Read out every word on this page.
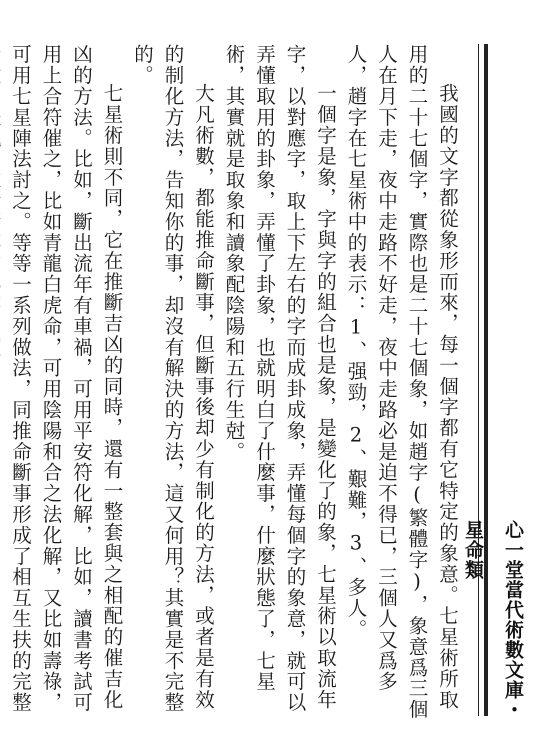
心一堂當代術數文庫・星命類

我國的文字都從象形而來，每一個字都有它特定的象意。七星術所取用的二十七個字，實際也是二十七個象，如趙字(繁體字)，象意爲三個人在月下走，夜中走路不好走，夜中走路必是迫不得已，三個人又爲多人，趙字在七星術中的表示：1、强勁，2、艱難，3、多人。

一個字是象，字與字的組合也是象，是變化了的象，七星術以取流年字，以對應字，取上下左右的字而成卦成象，弄懂每個字的象意，就可以弄懂取用的卦象，弄懂了卦象，也就明白了什麼事，什麼狀態了，七星術，其實就是取象和讀象配陰陽和五行生尅。

大凡術數，都能推命斷事，但斷事後却少有制化的方法，或者是有效的制化方法，告知你的事，却沒有解決的方法，這又何用？其實是不完整的。

七星術則不同，它在推斷吉凶的同時，還有一整套與之相配的催吉化凶的方法。比如，斷出流年有車禍，可用平安符化解，比如，讀書考試可用上合符催之，比如青龍白虎命，可用陰陽和合之法化解，又比如壽祿，可用七星陣法討之。等等一系列做法，同推命斷事形成了相互生扶的完整
